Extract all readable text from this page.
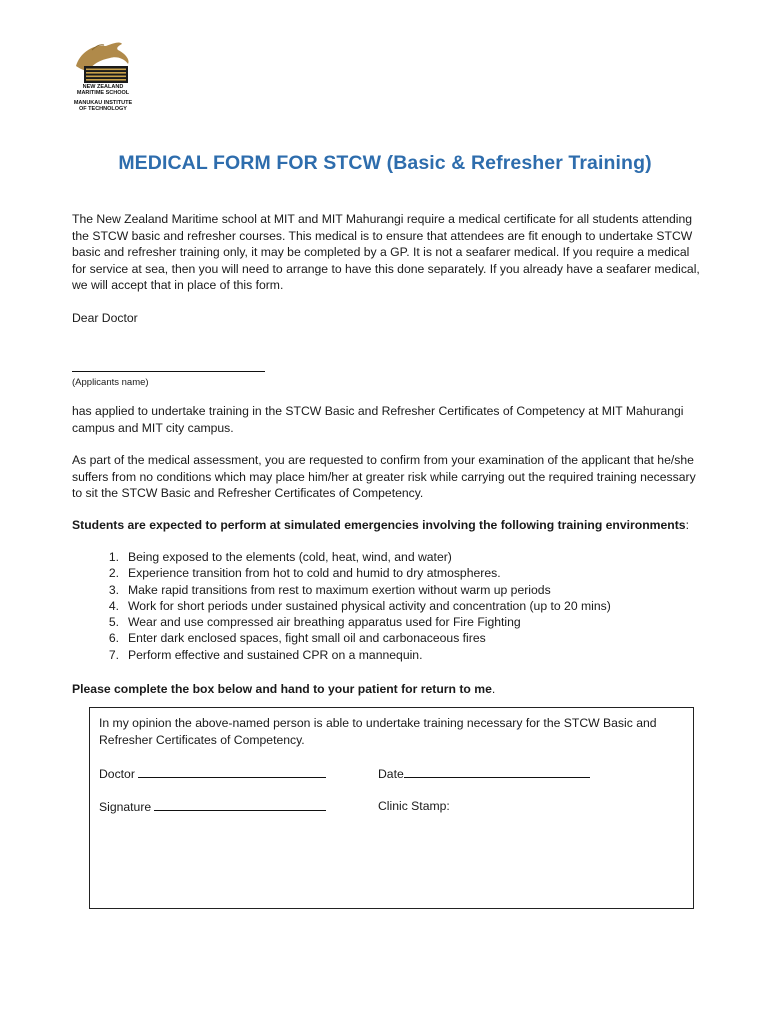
NEW ZEALAND
MARITIME SCHOOL
MANUKAU INSTITUTE
OF TECHNOLOGY
MEDICAL FORM FOR STCW (Basic & Refresher Training)
The New Zealand Maritime school at MIT and MIT Mahurangi require a medical certificate for all students attending the STCW basic and refresher courses. This medical is to ensure that attendees are fit enough to undertake STCW basic and refresher training only, it may be completed by a GP. It is not a seafarer medical. If you require a medical for service at sea, then you will need to arrange to have this done separately. If you already have a seafarer medical, we will accept that in place of this form.
Dear Doctor
(Applicants name)
has applied to undertake training in the STCW Basic and Refresher Certificates of Competency at MIT Mahurangi campus and MIT city campus.
As part of the medical assessment, you are requested to confirm from your examination of the applicant that he/she suffers from no conditions which may place him/her at greater risk while carrying out the required training necessary to sit the STCW Basic and Refresher Certificates of Competency.
Students are expected to perform at simulated emergencies involving the following training environments:
1. Being exposed to the elements (cold, heat, wind, and water)
2. Experience transition from hot to cold and humid to dry atmospheres.
3. Make rapid transitions from rest to maximum exertion without warm up periods
4. Work for short periods under sustained physical activity and concentration (up to 20 mins)
5. Wear and use compressed air breathing apparatus used for Fire Fighting
6. Enter dark enclosed spaces, fight small oil and carbonaceous fires
7. Perform effective and sustained CPR on a mannequin.
Please complete the box below and hand to your patient for return to me.
In my opinion the above-named person is able to undertake training necessary for the STCW Basic and Refresher Certificates of Competency.
Doctor	Date
Signature	Clinic Stamp:
